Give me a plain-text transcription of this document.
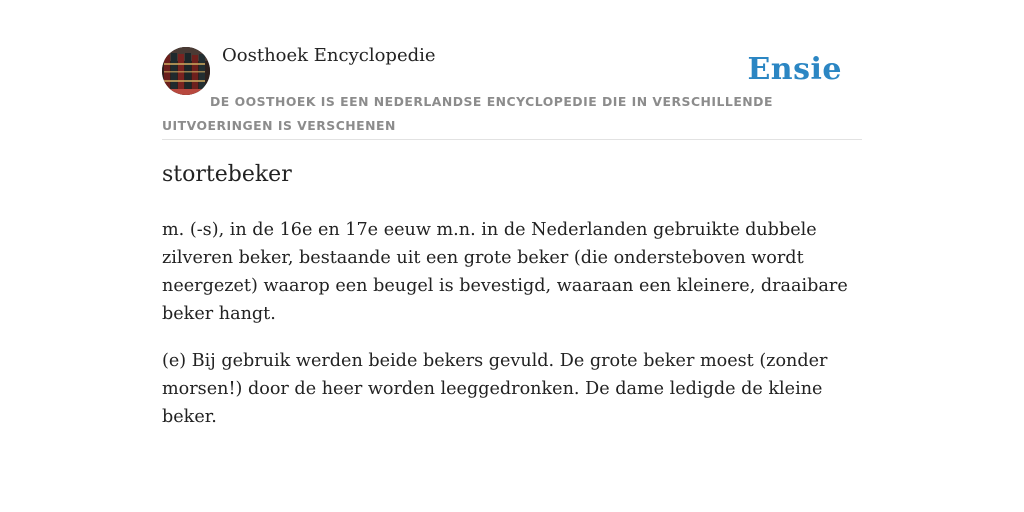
Oosthoek Encyclopedie	Ensie
DE OOSTHOEK IS EEN NEDERLANDSE ENCYCLOPEDIE DIE IN VERSCHILLENDE UITVOERINGEN IS VERSCHENEN
stortebeker

m. (-s), in de 16e en 17e eeuw m.n. in de Nederlanden gebruikte dubbele zilveren beker, bestaande uit een grote beker (die ondersteboven wordt neergezet) waarop een beugel is bevestigd, waaraan een kleinere, draaibare beker hangt.

(e) Bij gebruik werden beide bekers gevuld. De grote beker moest (zonder morsen!) door de heer worden leeggedronken. De dame ledigde de kleine beker.
